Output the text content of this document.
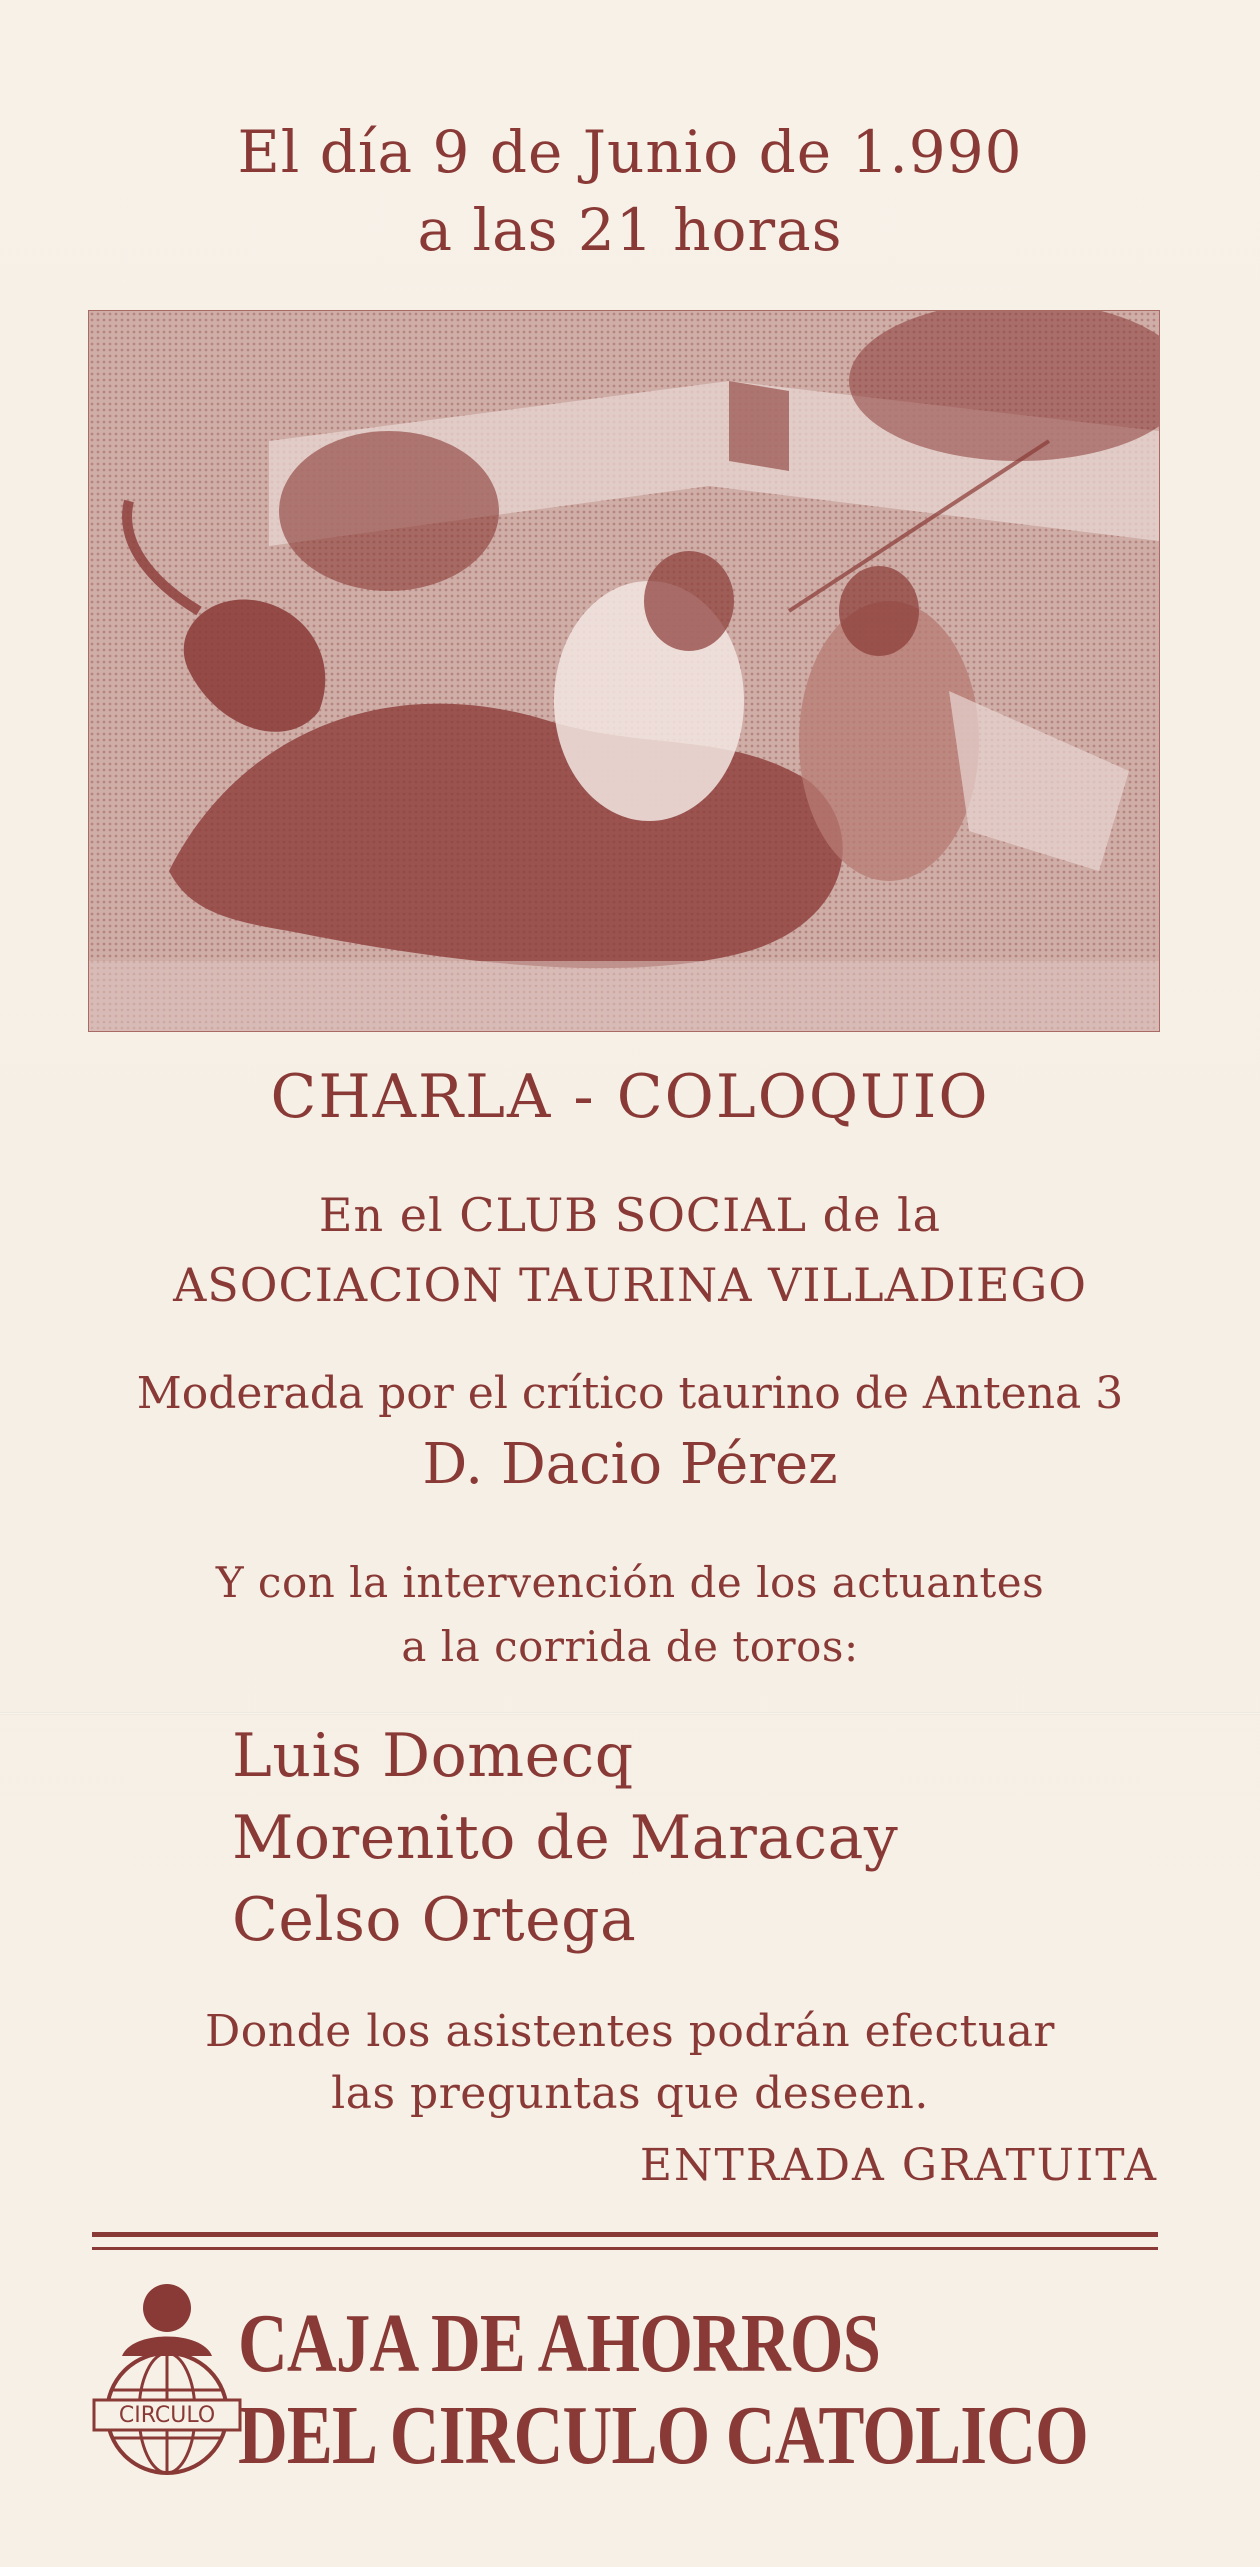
El día 9 de Junio de 1.990
a las 21 horas
CHARLA - COLOQUIO

En el CLUB SOCIAL de la

ASOCIACION TAURINA VILLADIEGO

Moderada por el crítico taurino de Antena 3

D. Dacio Pérez

Y con la intervención de los actuantes

a la corrida de toros:

Luis Domecq
Morenito de Maracay
Celso Ortega

Donde los asistentes podrán efectuar

las preguntas que deseen.

ENTRADA GRATUITA

CIRCULO
CAJA DE AHORROS
DEL CIRCULO CATOLICO
